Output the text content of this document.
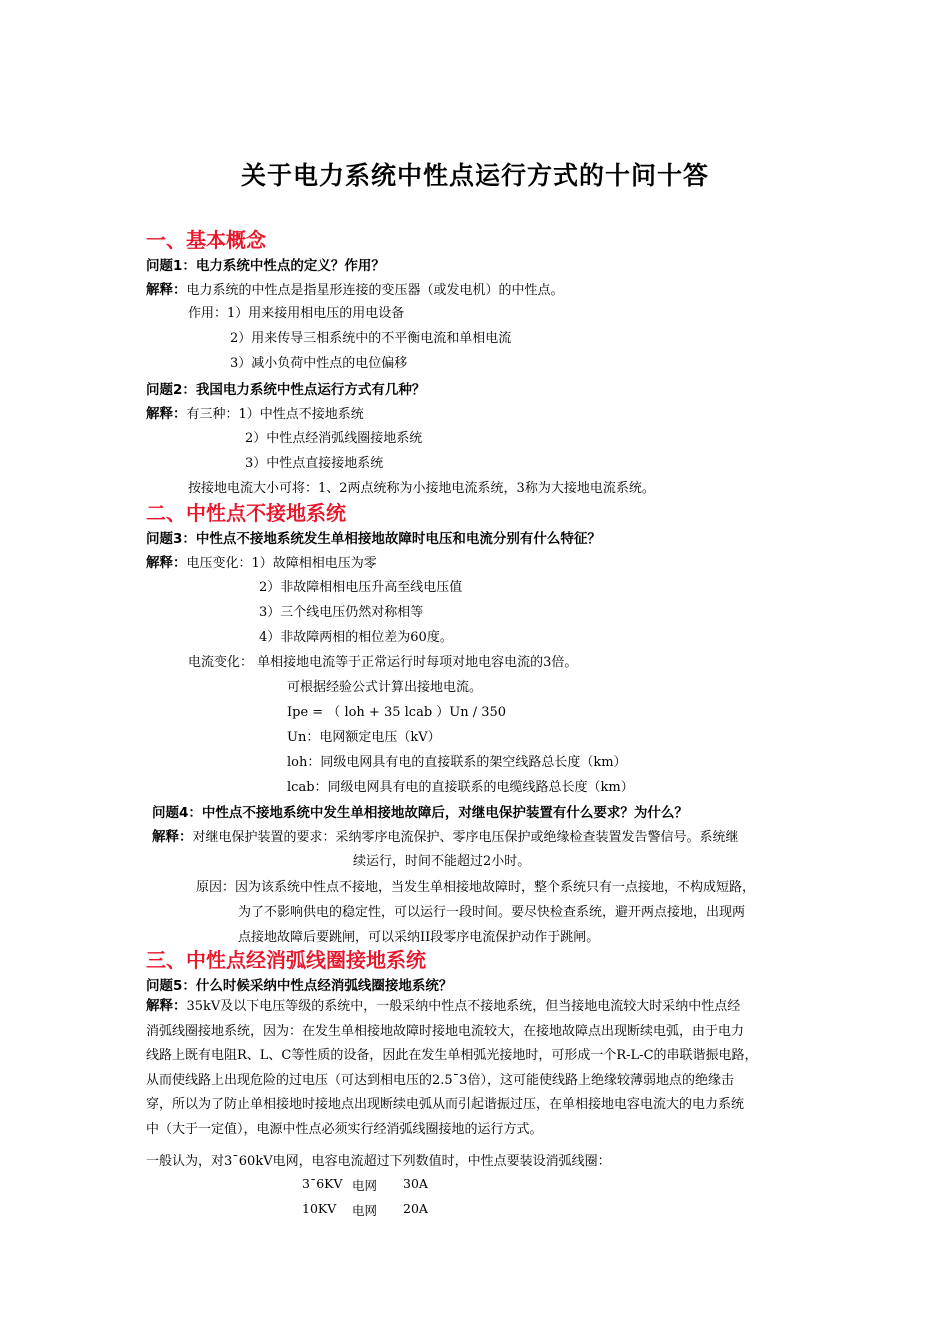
关于电力系统中性点运行方式的十问十答
一、基本概念
问题1：电力系统中性点的定义？作用？
解释：电力系统的中性点是指星形连接的变压器（或发电机）的中性点。
作用：1）用来接用相电压的用电设备
2）用来传导三相系统中的不平衡电流和单相电流
3）减小负荷中性点的电位偏移
问题2：我国电力系统中性点运行方式有几种？
解释：有三种：1）中性点不接地系统
2）中性点经消弧线圈接地系统
3）中性点直接接地系统
按接地电流大小可将：1、2两点统称为小接地电流系统，3称为大接地电流系统。
二、中性点不接地系统
问题3：中性点不接地系统发生单相接地故障时电压和电流分别有什么特征？
解释：电压变化：1）故障相相电压为零
2）非故障相相电压升高至线电压值
3）三个线电压仍然对称相等
4）非故障两相的相位差为60度。
电流变化： 单相接地电流等于正常运行时每项对地电容电流的3倍。
可根据经验公式计算出接地电流。
Ipe = （ loh + 35 lcab ）Un / 350
Un：电网额定电压（kV）
loh：同级电网具有电的直接联系的架空线路总长度（km）
lcab：同级电网具有电的直接联系的电缆线路总长度（km）
问题4：中性点不接地系统中发生单相接地故障后，对继电保护装置有什么要求？为什么？
解释：对继电保护装置的要求：采纳零序电流保护、零序电压保护或绝缘检查装置发告警信号。系统继
续运行，时间不能超过2小时。
原因：因为该系统中性点不接地，当发生单相接地故障时，整个系统只有一点接地，不构成短路，
为了不影响供电的稳定性，可以运行一段时间。要尽快检查系统，避开两点接地，出现两
点接地故障后要跳闸，可以采纳II段零序电流保护动作于跳闸。
三、中性点经消弧线圈接地系统
问题5：什么时候采纳中性点经消弧线圈接地系统？
解释：35kV及以下电压等级的系统中，一般采纳中性点不接地系统，但当接地电流较大时采纳中性点经
消弧线圈接地系统，因为：在发生单相接地故障时接地电流较大，在接地故障点出现断续电弧，由于电力
线路上既有电阻R、L、C等性质的设备，因此在发生单相弧光接地时，可形成一个R-L-C的串联谐振电路，
从而使线路上出现危险的过电压（可达到相电压的2.5¯3倍），这可能使线路上绝缘较薄弱地点的绝缘击
穿，所以为了防止单相接地时接地点出现断续电弧从而引起谐振过压，在单相接地电容电流大的电力系统
中（大于一定值），电源中性点必须实行经消弧线圈接地的运行方式。
一般认为，对3¯60kV电网，电容电流超过下列数值时，中性点要装设消弧线圈：
3¯6KV 电网 30A
10KV 电网 20A
